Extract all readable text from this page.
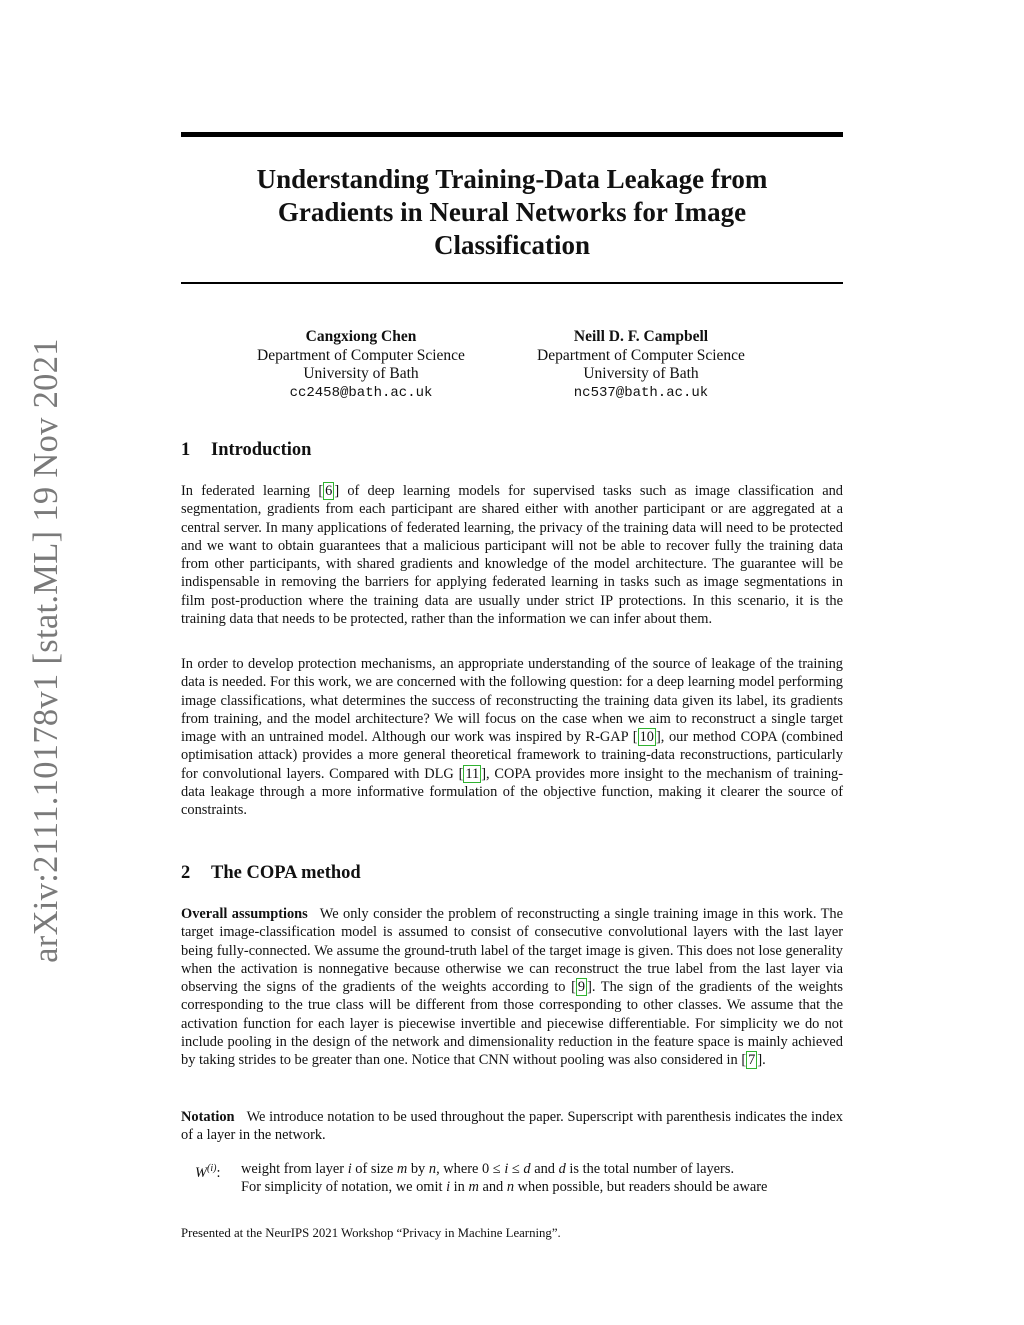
arXiv:2111.10178v1 [stat.ML] 19 Nov 2021
Understanding Training-Data Leakage from
Gradients in Neural Networks for Image
Classification
Cangxiong Chen
Department of Computer Science
University of Bath
cc2458@bath.ac.uk
Neill D. F. Campbell
Department of Computer Science
University of Bath
nc537@bath.ac.uk
1 Introduction

In federated learning [ 6 ] of deep learning models for supervised tasks such as image classification and segmentation, gradients from each participant are shared either with another participant or are aggregated at a central server. In many applications of federated learning, the privacy of the training data will need to be protected and we want to obtain guarantees that a malicious participant will not be able to recover fully the training data from other participants, with shared gradients and knowledge of the model architecture. The guarantee will be indispensable in removing the barriers for applying federated learning in tasks such as image segmentations in film post-production where the training data are usually under strict IP protections. In this scenario, it is the training data that needs to be protected, rather than the information we can infer about them.

In order to develop protection mechanisms, an appropriate understanding of the source of leakage of the training data is needed. For this work, we are concerned with the following question: for a deep learning model performing image classifications, what determines the success of reconstructing the training data given its label, its gradients from training, and the model architecture? We will focus on the case when we aim to reconstruct a single target image with an untrained model. Although our work was inspired by R-GAP [ 10 ], our method COPA (combined optimisation attack) provides a more general theoretical framework to training-data reconstructions, particularly for convolutional layers. Compared with DLG [ 11 ], COPA provides more insight to the mechanism of training-data leakage through a more informative formulation of the objective function, making it clearer the source of constraints.

2 The COPA method

Overall assumptions We only consider the problem of reconstructing a single training image in this work. The target image-classification model is assumed to consist of consecutive convolutional layers with the last layer being fully-connected. We assume the ground-truth label of the target image is given. This does not lose generality when the activation is nonnegative because otherwise we can reconstruct the true label from the last layer via observing the signs of the gradients of the weights according to [ 9 ]. The sign of the gradients of the weights corresponding to the true class will be different from those corresponding to other classes. We assume that the activation function for each layer is piecewise invertible and piecewise differentiable. For simplicity we do not include pooling in the design of the network and dimensionality reduction in the feature space is mainly achieved by taking strides to be greater than one. Notice that CNN without pooling was also considered in [ 7 ].

Notation We introduce notation to be used throughout the paper. Superscript with parenthesis indicates the index of a layer in the network.

$W^{(i)}$:	weight from layer i of size m by n, where 0 ≤ i ≤ d and d is the total number of layers.
For simplicity of notation, we omit i in m and n when possible, but readers should be aware

Presented at the NeurIPS 2021 Workshop “Privacy in Machine Learning”.
